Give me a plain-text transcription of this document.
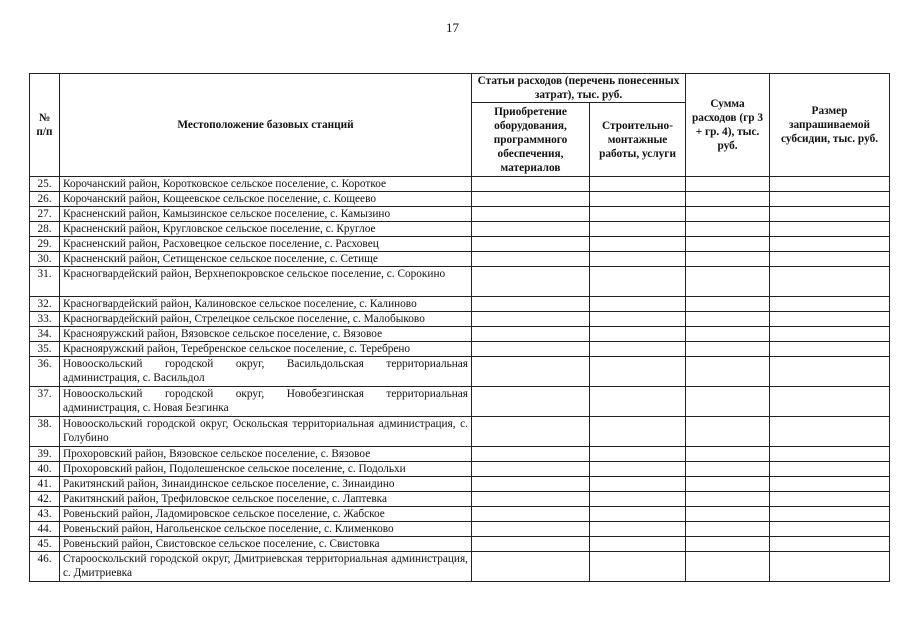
17
№ п/п	Местоположение базовых станций	Статьи расходов (перечень понесенных затрат), тыс. руб.		Сумма расходов (гр 3 + гр. 4), тыс. руб.	Размер запрашиваемой субсидии, тыс. руб.
		Приобретение оборудования, программного обеспечения, материалов	Строительно-монтажные работы, услуги		
25.	Корочанский район, Коротковское сельское поселение, с. Короткое				
26.	Корочанский район, Кощеевское сельское поселение, с. Кощеево				
27.	Красненский район, Камызинское сельское поселение, с. Камызино				
28.	Красненский район, Кругловское сельское поселение, с. Круглое				
29.	Красненский район, Расховецкое сельское поселение, с. Расховец				
30.	Красненский район, Сетищенское сельское поселение, с. Сетище				
31.	Красногвардейский район, Верхнепокровское сельское поселение, с. Сорокино				
32.	Красногвардейский район, Калиновское сельское поселение, с. Калиново				
33.	Красногвардейский район, Стрелецкое сельское поселение, с. Малобыково				
34.	Краснояружский район, Вязовское сельское поселение, с. Вязовое				
35.	Краснояружский район, Теребренское сельское поселение, с. Теребрено				
36.	Новооскольский городской округ, Васильдольская территориальная администрация, с. Васильдол				
37.	Новооскольский городской округ, Новобезгинская территориальная администрация, с. Новая Безгинка				
38.	Новооскольский городской округ, Оскольская территориальная администрация, с. Голубино				
39.	Прохоровский район, Вязовское сельское поселение, с. Вязовое				
40.	Прохоровский район, Подолешенское сельское поселение, с. Подольхи				
41.	Ракитянский район, Зинаидинское сельское поселение, с. Зинаидино				
42.	Ракитянский район, Трефиловское сельское поселение, с. Лаптевка				
43.	Ровеньский район, Ладомировское сельское поселение, с. Жабское				
44.	Ровеньский район, Нагольенское сельское поселение, с. Клименково				
45.	Ровеньский район, Свистовское сельское поселение, с. Свистовка				
46.	Старооскольский городской округ, Дмитриевская территориальная администрация, с. Дмитриевка				
